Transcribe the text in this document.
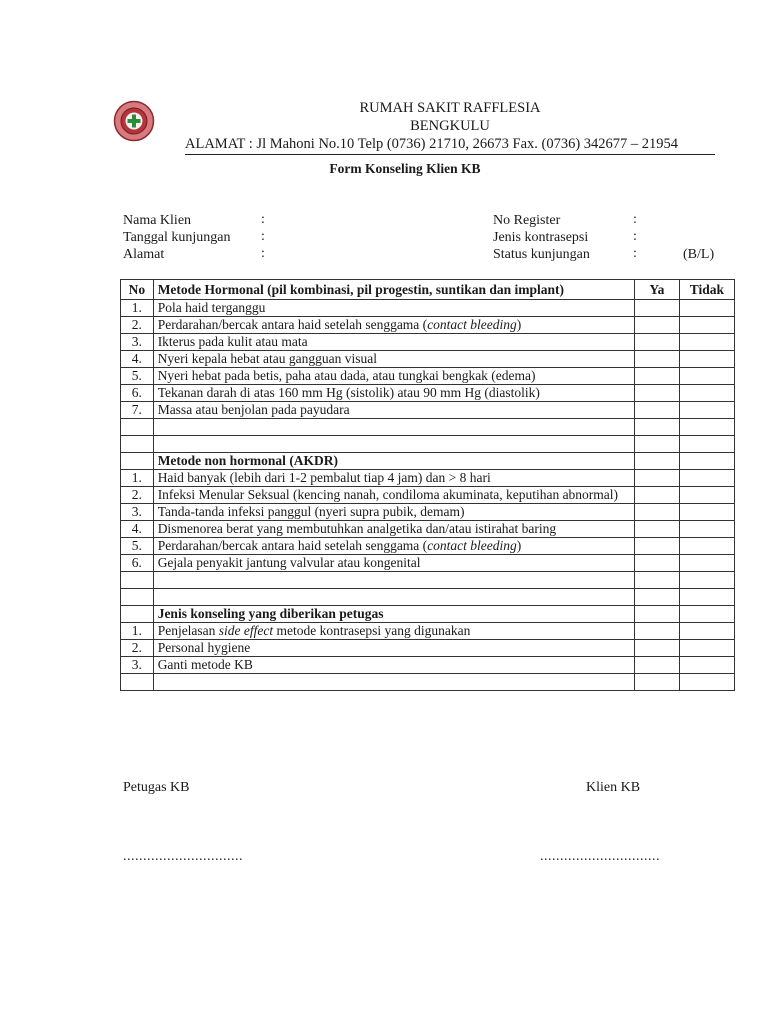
RUMAH SAKIT RAFFLESIA
BENGKULU
ALAMAT : Jl Mahoni No.10 Telp (0736) 21710, 26673 Fax. (0736) 342677 – 21954
Form Konseling Klien KB
Nama Klien	:
Tanggal kunjungan :
Alamat	:
No Register	:
Jenis kontrasepsi	:
Status kunjungan	:	(B/L)
No	Metode Hormonal (pil kombinasi, pil progestin, suntikan dan implant)	Ya	Tidak
1.	Pola haid terganggu		
2.	Perdarahan/bercak antara haid setelah senggama (contact bleeding)		
3.	Ikterus pada kulit atau mata		
4.	Nyeri kepala hebat atau gangguan visual		
5.	Nyeri hebat pada betis, paha atau dada, atau tungkai bengkak (edema)		
6.	Tekanan darah di atas 160 mm Hg (sistolik) atau 90 mm Hg (diastolik)		
7.	Massa atau benjolan pada payudara		

	Metode non hormonal (AKDR)		
1.	Haid banyak (lebih dari 1-2 pembalut tiap 4 jam) dan > 8 hari		
2.	Infeksi Menular Seksual (kencing nanah, condiloma akuminata, keputihan abnormal)		
3.	Tanda-tanda infeksi panggul (nyeri supra pubik, demam)		
4.	Dismenorea berat yang membutuhkan analgetika dan/atau istirahat baring		
5.	Perdarahan/bercak antara haid setelah senggama (contact bleeding)		
6.	Gejala penyakit jantung valvular atau kongenital		

	Jenis konseling yang diberikan petugas		
1.	Penjelasan side effect metode kontrasepsi yang digunakan		
2.	Personal hygiene		
3.	Ganti metode KB		

Petugas KB	Klien KB
..............................	..............................
